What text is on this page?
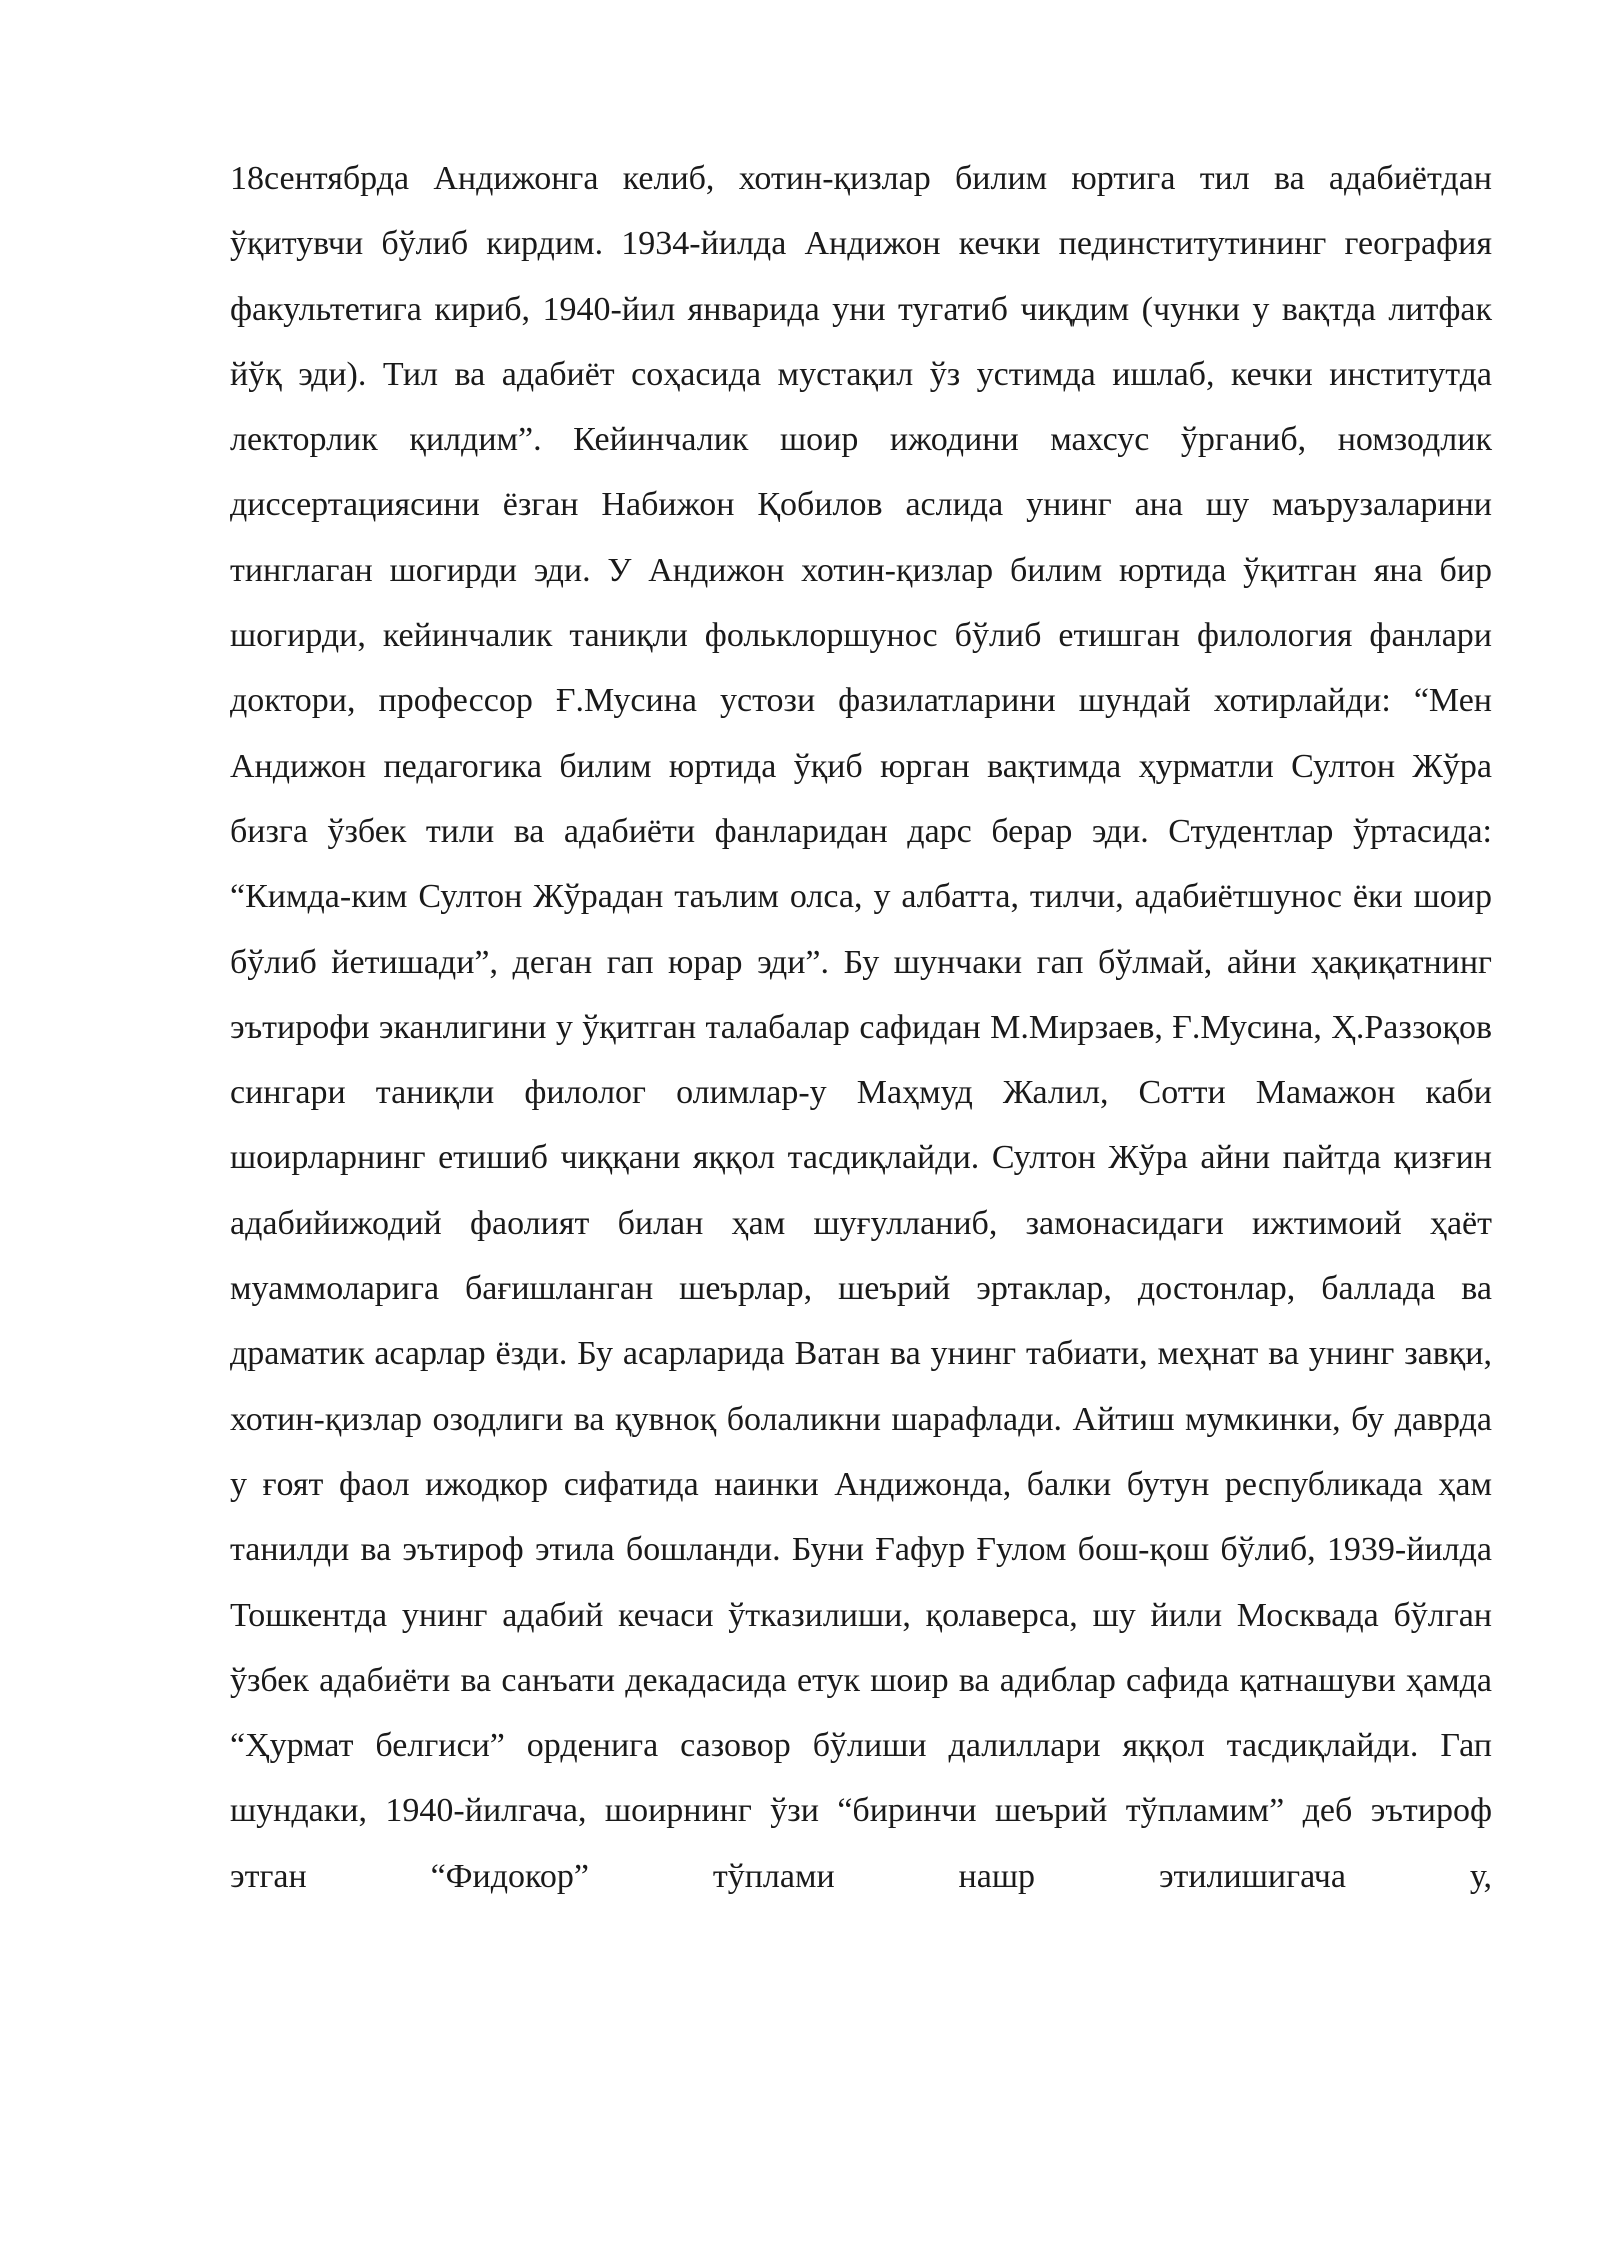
18сентябрда Андижонга келиб, хотин-қизлар билим юртига тил ва адабиётдан ўқитувчи бўлиб кирдим. 1934-йилда Андижон кечки пединститутининг география факультетига кириб, 1940-йил январида уни тугатиб чиқдим (чунки у вақтда литфак йўқ эди). Тил ва адабиёт соҳасида мустақил ўз устимда ишлаб, кечки институтда лекторлик қилдим”. Кейинчалик шоир ижодини махсус ўрганиб, номзодлик диссертациясини ёзган Набижон Қобилов аслида унинг ана шу маърузаларини тинглаган шогирди эди. У Андижон хотин-қизлар билим юртида ўқитган яна бир шогирди, кейинчалик таниқли фольклоршунос бўлиб етишган филология фанлари доктори, профессор Ғ.Мусина устози фазилатларини шундай хотирлайди: “Мен Андижон педагогика билим юртида ўқиб юрган вақтимда ҳурматли Султон Жўра бизга ўзбек тили ва адабиёти фанларидан дарс берар эди. Студентлар ўртасида: “Кимда-ким Султон Жўрадан таълим олса, у албатта, тилчи, адабиётшунос ёки шоир бўлиб йетишади”, деган гап юрар эди”. Бу шунчаки гап бўлмай, айни ҳақиқатнинг эътирофи эканлигини у ўқитган талабалар сафидан М.Мирзаев, Ғ.Мусина, Ҳ.Раззоқов сингари таниқли филолог олимлар-у Маҳмуд Жалил, Сотти Мамажон каби шоирларнинг етишиб чиққани яққол тасдиқлайди. Султон Жўра айни пайтда қизғин адабийижодий фаолият билан ҳам шуғулланиб, замонасидаги ижтимоий ҳаёт муаммоларига бағишланган шеърлар, шеърий эртаклар, достонлар, баллада ва драматик асарлар ёзди. Бу асарларида Ватан ва унинг табиати, меҳнат ва унинг завқи, хотин-қизлар озодлиги ва қувноқ болаликни шарафлади. Айтиш мумкинки, бу даврда у ғоят фаол ижодкор сифатида наинки Андижонда, балки бутун республикада ҳам танилди ва эътироф этила бошланди. Буни Ғафур Ғулом бош-қош бўлиб, 1939-йилда Тошкентда унинг адабий кечаси ўтказилиши, қолаверса, шу йили Москвада бўлган ўзбек адабиёти ва санъати декадасида етук шоир ва адиблар сафида қатнашуви ҳамда “Ҳурмат белгиси” орденига сазовор бўлиши далиллари яққол тасдиқлайди. Гап шундаки, 1940-йилгача, шоирнинг ўзи “биринчи шеърий тўпламим” деб эътироф этган “Фидокор” тўплами нашр этилишигача у,
